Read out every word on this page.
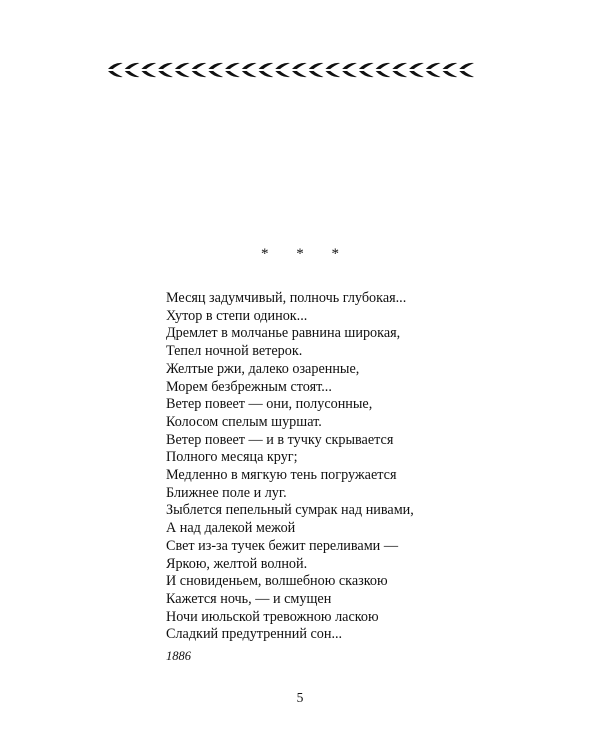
* * *
Месяц задумчивый, полночь глубокая...
Хутор в степи одинок...
Дремлет в молчанье равнина широкая,
Тепел ночной ветерок.
Желтые ржи, далеко озаренные,
Морем безбрежным стоят...
Ветер повеет — они, полусонные,
Колосом спелым шуршат.
Ветер повеет — и в тучку скрывается
Полного месяца круг;
Медленно в мягкую тень погружается
Ближнее поле и луг.
Зыблется пепельный сумрак над нивами,
А над далекой межой
Свет из-за тучек бежит переливами —
Яркою, желтой волной.
И сновиденьем, волшебною сказкою
Кажется ночь, — и смущен
Ночи июльской тревожною ласкою
Сладкий предутренний сон...
1886
5
